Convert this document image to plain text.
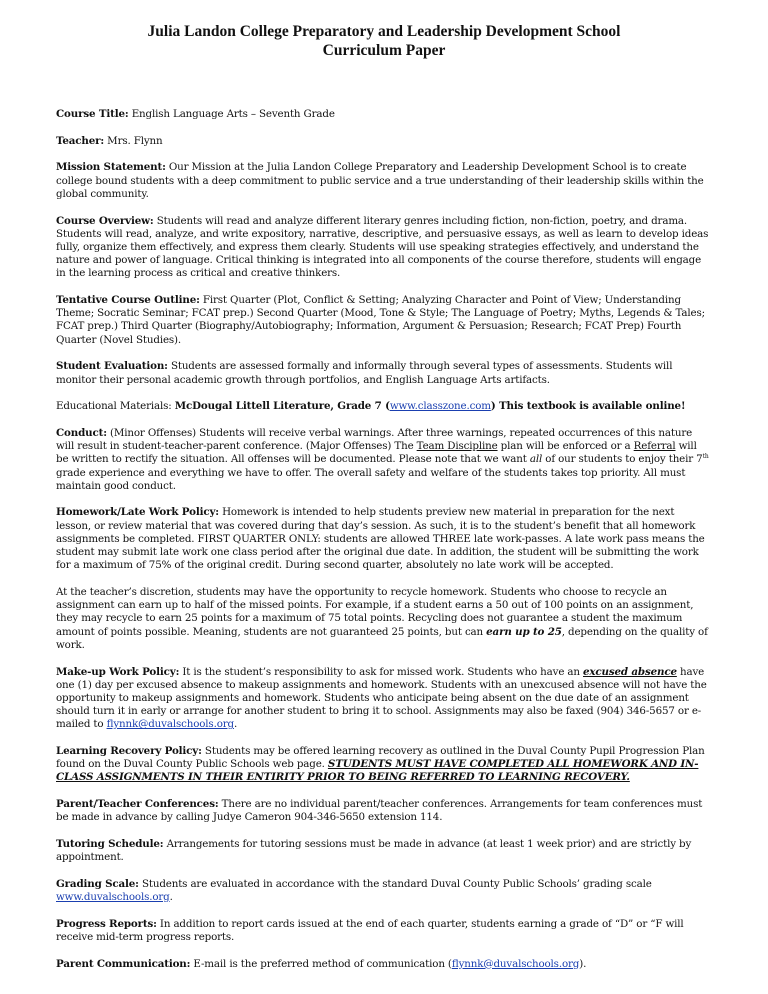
Julia Landon College Preparatory and Leadership Development School
Curriculum Paper

Course Title: English Language Arts – Seventh Grade

Teacher: Mrs. Flynn

Mission Statement: Our Mission at the Julia Landon College Preparatory and Leadership Development School is to create college bound students with a deep commitment to public service and a true understanding of their leadership skills within the global community.

Course Overview: Students will read and analyze different literary genres including fiction, non-fiction, poetry, and drama. Students will read, analyze, and write expository, narrative, descriptive, and persuasive essays, as well as learn to develop ideas fully, organize them effectively, and express them clearly. Students will use speaking strategies effectively, and understand the nature and power of language. Critical thinking is integrated into all components of the course therefore, students will engage in the learning process as critical and creative thinkers.

Tentative Course Outline: First Quarter (Plot, Conflict & Setting; Analyzing Character and Point of View; Understanding Theme; Socratic Seminar; FCAT prep.) Second Quarter (Mood, Tone & Style; The Language of Poetry; Myths, Legends & Tales; FCAT prep.) Third Quarter (Biography/Autobiography; Information, Argument & Persuasion; Research; FCAT Prep) Fourth Quarter (Novel Studies).

Student Evaluation: Students are assessed formally and informally through several types of assessments. Students will monitor their personal academic growth through portfolios, and English Language Arts artifacts.

Educational Materials: McDougal Littell Literature, Grade 7 (www.classzone.com) This textbook is available online!

Conduct: (Minor Offenses) Students will receive verbal warnings. After three warnings, repeated occurrences of this nature will result in student-teacher-parent conference. (Major Offenses) The Team Discipline plan will be enforced or a Referral will be written to rectify the situation. All offenses will be documented. Please note that we want all of our students to enjoy their 7th grade experience and everything we have to offer. The overall safety and welfare of the students takes top priority. All must maintain good conduct.

Homework/Late Work Policy: Homework is intended to help students preview new material in preparation for the next lesson, or review material that was covered during that day’s session. As such, it is to the student’s benefit that all homework assignments be completed. FIRST QUARTER ONLY: students are allowed THREE late work-passes. A late work pass means the student may submit late work one class period after the original due date. In addition, the student will be submitting the work for a maximum of 75% of the original credit. During second quarter, absolutely no late work will be accepted.

At the teacher’s discretion, students may have the opportunity to recycle homework. Students who choose to recycle an assignment can earn up to half of the missed points. For example, if a student earns a 50 out of 100 points on an assignment, they may recycle to earn 25 points for a maximum of 75 total points. Recycling does not guarantee a student the maximum amount of points possible. Meaning, students are not guaranteed 25 points, but can earn up to 25, depending on the quality of work.

Make-up Work Policy: It is the student’s responsibility to ask for missed work. Students who have an excused absence have one (1) day per excused absence to makeup assignments and homework. Students with an unexcused absence will not have the opportunity to makeup assignments and homework. Students who anticipate being absent on the due date of an assignment should turn it in early or arrange for another student to bring it to school. Assignments may also be faxed (904) 346-5657 or e-mailed to flynnk@duvalschools.org.

Learning Recovery Policy: Students may be offered learning recovery as outlined in the Duval County Pupil Progression Plan found on the Duval County Public Schools web page. STUDENTS MUST HAVE COMPLETED ALL HOMEWORK AND IN-CLASS ASSIGNMENTS IN THEIR ENTIRITY PRIOR TO BEING REFERRED TO LEARNING RECOVERY.

Parent/Teacher Conferences: There are no individual parent/teacher conferences. Arrangements for team conferences must be made in advance by calling Judye Cameron 904-346-5650 extension 114.

Tutoring Schedule: Arrangements for tutoring sessions must be made in advance (at least 1 week prior) and are strictly by appointment.

Grading Scale: Students are evaluated in accordance with the standard Duval County Public Schools’ grading scale www.duvalschools.org.

Progress Reports: In addition to report cards issued at the end of each quarter, students earning a grade of “D” or “F will receive mid-term progress reports.

Parent Communication: E-mail is the preferred method of communication (flynnk@duvalschools.org).
